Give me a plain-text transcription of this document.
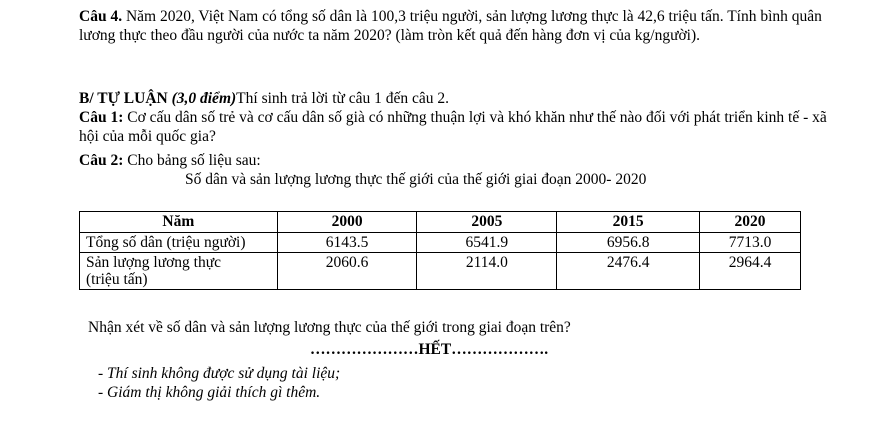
Câu 4. Năm 2020, Việt Nam có tổng số dân là 100,3 triệu người, sản lượng lương thực là 42,6 triệu tấn. Tính bình quân lương thực theo đầu người của nước ta năm 2020? (làm tròn kết quả đến hàng đơn vị của kg/người).

B/ TỰ LUẬN (3,0 điểm)Thí sinh trả lời từ câu 1 đến câu 2.

Câu 1: Cơ cấu dân số trẻ và cơ cấu dân số già có những thuận lợi và khó khăn như thế nào đối với phát triển kinh tế - xã hội của mỗi quốc gia?

Câu 2: Cho bảng số liệu sau:

Số dân và sản lượng lương thực thế giới của thế giới giai đoạn 2000- 2020
Năm	2000	2005	2015	2020
Tổng số dân (triệu người)	6143.5	6541.9	6956.8	7713.0
Sản lượng lương thực
(triệu tấn)	2060.6	2114.0	2476.4	2964.4
Nhận xét về số dân và sản lượng lương thực của thế giới trong giai đoạn trên?
…………………HẾT……………….
- Thí sinh không được sử dụng tài liệu;
- Giám thị không giải thích gì thêm.
